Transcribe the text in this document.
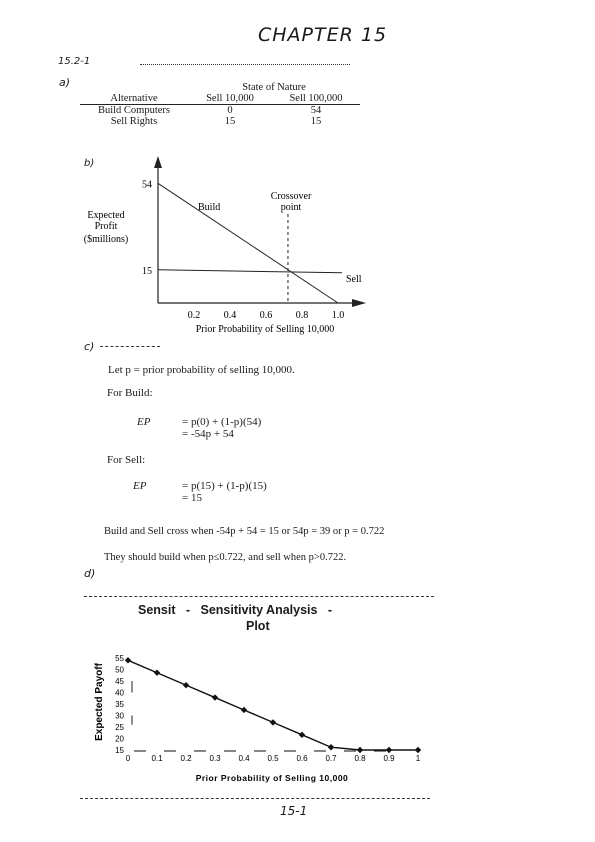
CHAPTER 15
15.2-1
a)
		State of Nature	
Alternative	Sell 10,000	Sell 100,000
Build Computers	0	54
Sell Rights	15	15
b)
Expected
Profit
($millions)
54
15
Build
Sell
Crossover
point
0.2 0.4 0.6 0.8 1.0
Prior Probability of Selling 10,000
c)
Let p = prior probability of selling 10,000.
For Build:
EP	= p(0) + (1-p)(54)
= -54p + 54
For Sell:
EP	= p(15) + (1-p)(15)
= 15
Build and Sell cross when -54p + 54 = 15 or 54p = 39 or p = 0.722
They should build when p≤0.722, and sell when p>0.722.
d)
Sensit   -   Sensitivity Analysis   -
Plot
Expected Payoff
15
20
25
30
35
40
45
50
55
0	0.1 0.2 0.3 0.4 0.5 0.6 0.7 0.8 0.9	1
Prior Probability of Selling 10,000
15-1
